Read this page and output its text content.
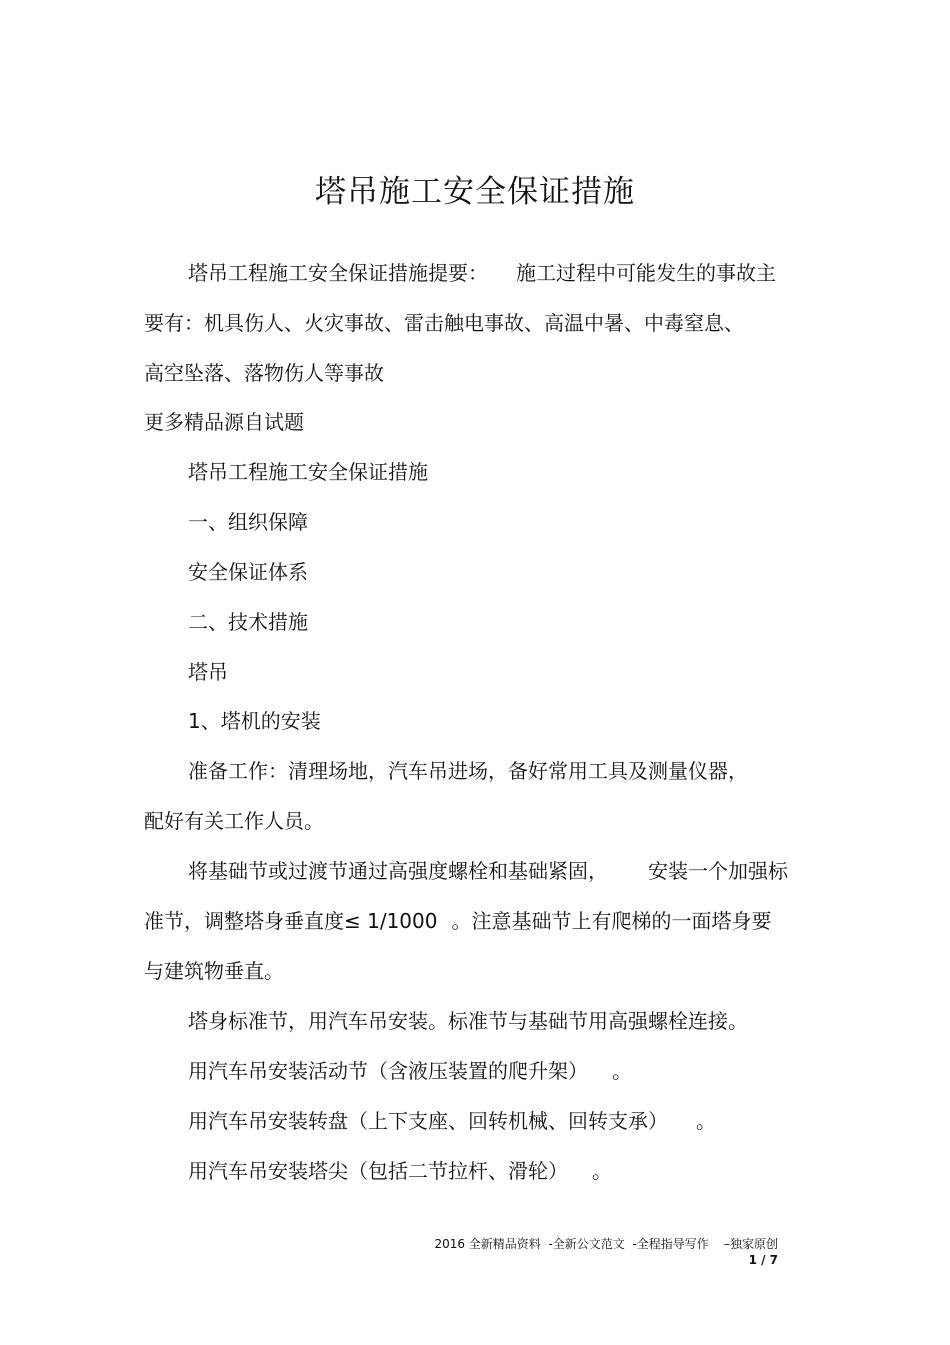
塔吊施工安全保证措施
塔吊工程施工安全保证措施提要： 施工过程中可能发生的事故主
要有：机具伤人、火灾事故、雷击触电事故、高温中暑、中毒窒息、
高空坠落、落物伤人等事故
更多精品源自试题
塔吊工程施工安全保证措施
一、组织保障
安全保证体系
二、技术措施
塔吊
1、塔机的安装
准备工作：清理场地，汽车吊进场，备好常用工具及测量仪器，
配好有关工作人员。
将基础节或过渡节通过高强度螺栓和基础紧固， 安装一个加强标
准节，调整塔身垂直度≤ 1/1000 。注意基础节上有爬梯的一面塔身要
与建筑物垂直。
塔身标准节，用汽车吊安装。标准节与基础节用高强螺栓连接。
用汽车吊安装活动节（含液压装置的爬升架） 。
用汽车吊安装转盘（上下支座、回转机械、回转支承） 。
用汽车吊安装塔尖（包括二节拉杆、滑轮） 。
2016 全新精品资料  -全新公文范文  -全程指导写作    –独家原创
1 / 7
